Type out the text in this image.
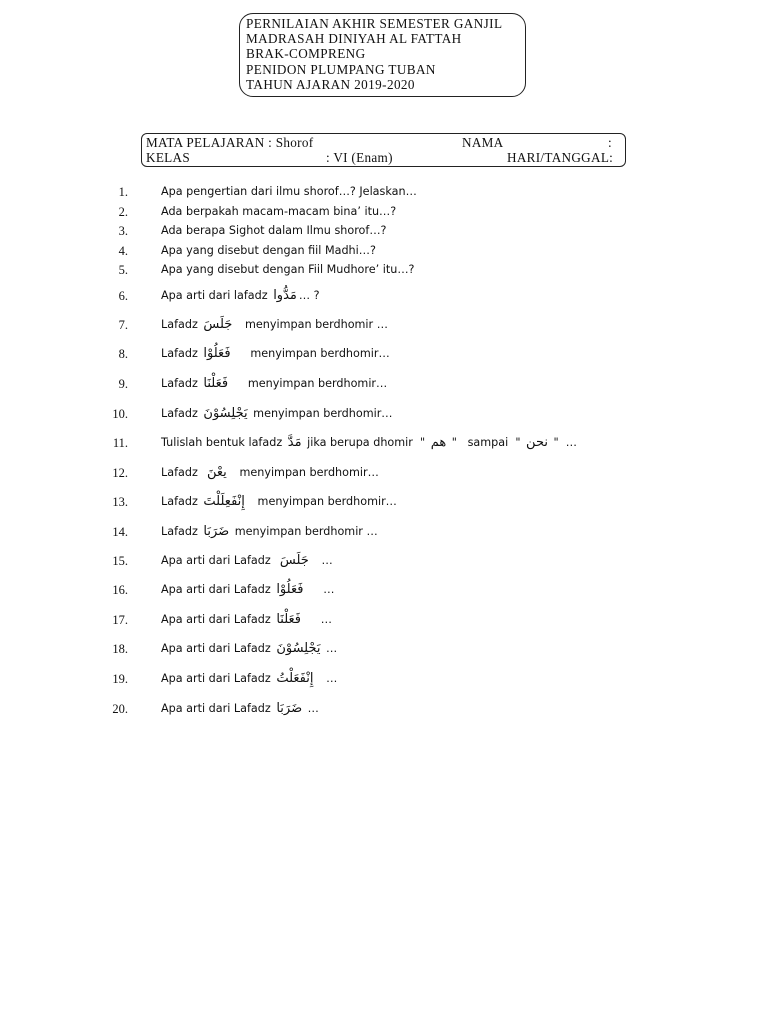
PERNILAIAN AKHIR SEMESTER GANJIL
MADRASAH DINIYAH AL FATTAH
BRAK-COMPRENG
PENIDON PLUMPANG TUBAN
TAHUN AJARAN 2019-2020
MATA PELAJARAN : Shorof	NAMA	:
KELAS	: VI (Enam)	HARI/TANGGAL:
1.	Apa pengertian dari ilmu shorof…? Jelaskan…
2.	Ada berpakah macam-macam bina’ itu…?
3.	Ada berapa Sighot dalam Ilmu shorof…?
4.	Apa yang disebut dengan fiil Madhi…?
5.	Apa yang disebut dengan Fiil Mudhore’ itu…?
6.	Apa arti dari lafadz مَدُّوا … ?
7.	Lafadz جَلَسَ   menyimpan berdhomir …
8.	Lafadz فَعَلُوْا     menyimpan berdhomir…
9.	Lafadz فَعَلْنَا     menyimpan berdhomir…
10.	Lafadz يَجْلِسُوْنَ menyimpan berdhomir…
11.	Tulislah bentuk lafadz مَدَّ jika berupa dhomir  " هم "   sampai  " نحن "  …
12.	Lafadz  يعْنَ   menyimpan berdhomir…
13.	Lafadz إِنْفَعِلَلْتَ   menyimpan berdhomir…
14.	Lafadz ضَرَبَا menyimpan berdhomir …
15.	Apa arti dari Lafadz  جَلَسَ   …
16.	Apa arti dari Lafadz فَعَلُوْا     …
17.	Apa arti dari Lafadz فَعَلْنَا     …
18.	Apa arti dari Lafadz يَجْلِسُوْنَ …
19.	Apa arti dari Lafadz إِنْفَعَلْتُ   …
20.	Apa arti dari Lafadz ضَرَبَا …
